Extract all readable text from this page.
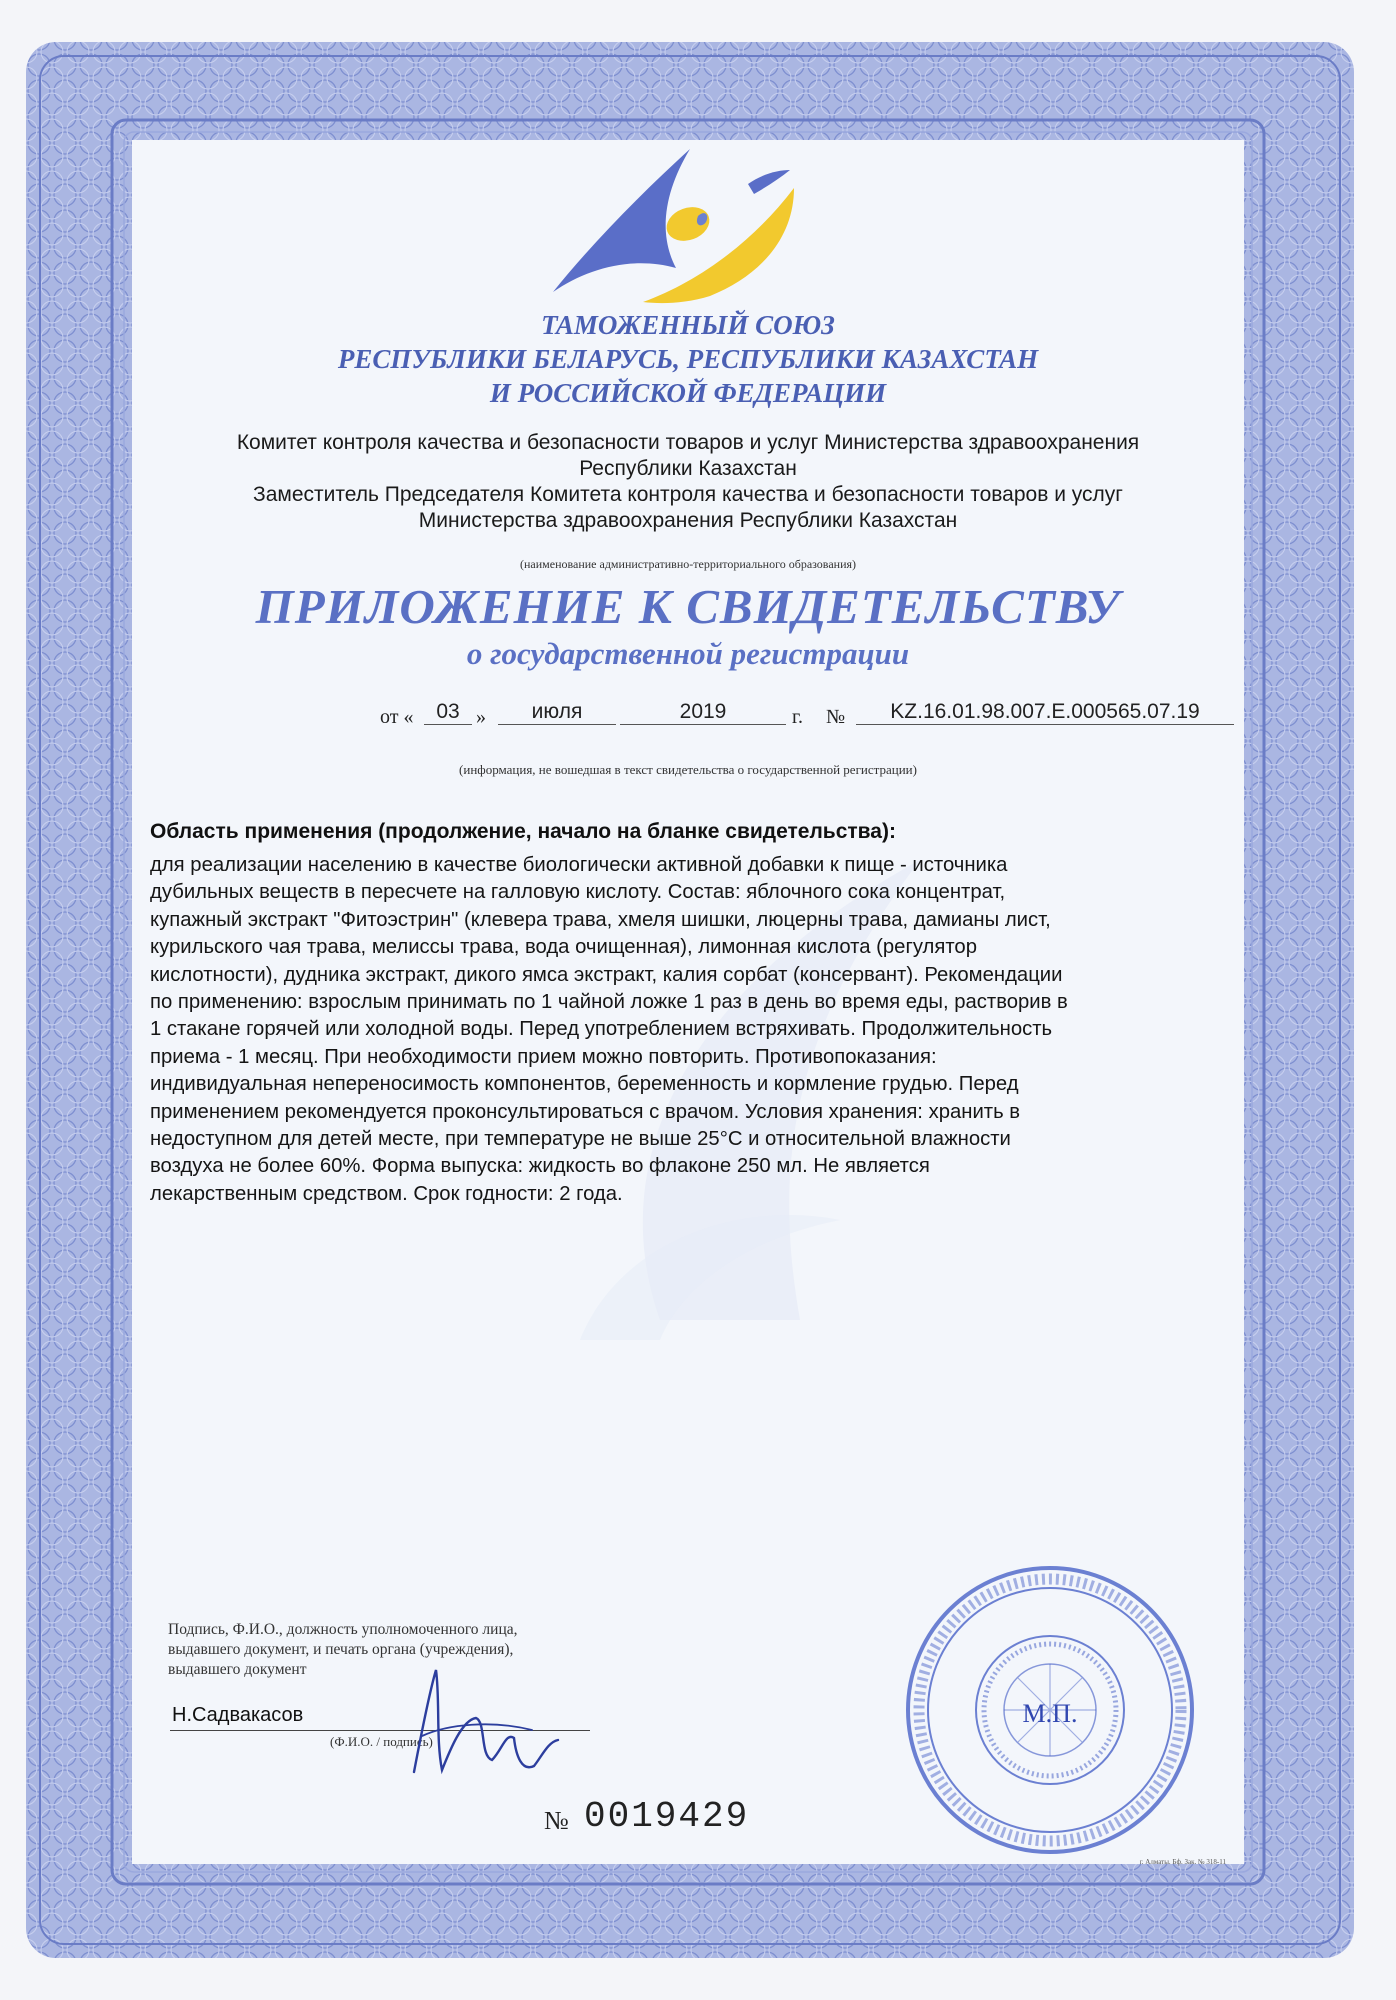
ТАМОЖЕННЫЙ СОЮЗ
РЕСПУБЛИКИ БЕЛАРУСЬ, РЕСПУБЛИКИ КАЗАХСТАН
И РОССИЙСКОЙ ФЕДЕРАЦИИ
Комитет контроля качества и безопасности товаров и услуг Министерства здравоохранения
Республики Казахстан
Заместитель Председателя Комитета контроля качества и безопасности товаров и услуг
Министерства здравоохранения Республики Казахстан
(наименование административно-территориального образования)
ПРИЛОЖЕНИЕ К СВИДЕТЕЛЬСТВУ
о государственной регистрации
от «	03 »	июля	2019	г. №	KZ.16.01.98.007.E.000565.07.19
(информация, не вошедшая в текст свидетельства о государственной регистрации)
Область применения (продолжение, начало на бланке свидетельства):
для реализации населению в качестве биологически активной добавки к пище - источника
дубильных веществ в пересчете на галловую кислоту. Состав: яблочного сока концентрат,
купажный экстракт "Фитоэстрин" (клевера трава, хмеля шишки, люцерны трава, дамианы лист,
курильского чая трава, мелиссы трава, вода очищенная), лимонная кислота (регулятор
кислотности), дудника экстракт, дикого ямса экстракт, калия сорбат (консервант). Рекомендации
по применению: взрослым принимать по 1 чайной ложке 1 раз в день во время еды, растворив в
1 стакане горячей или холодной воды. Перед употреблением встряхивать. Продолжительность
приема - 1 месяц. При необходимости прием можно повторить. Противопоказания:
индивидуальная непереносимость компонентов, беременность и кормление грудью. Перед
применением рекомендуется проконсультироваться с врачом. Условия хранения: хранить в
недоступном для детей месте, при температуре не выше 25°С и относительной влажности
воздуха не более 60%. Форма выпуска: жидкость во флаконе 250 мл. Не является
лекарственным средством. Срок годности: 2 года.
Подпись, Ф.И.О., должность уполномоченного лица,
выдавшего документ, и печать органа (учреждения),
выдавшего документ
Н.Садвакасов
(Ф.И.О. / подпись)
М.П.
№ 0019429
г. Алматы. Бф. Зак. № 318-11
